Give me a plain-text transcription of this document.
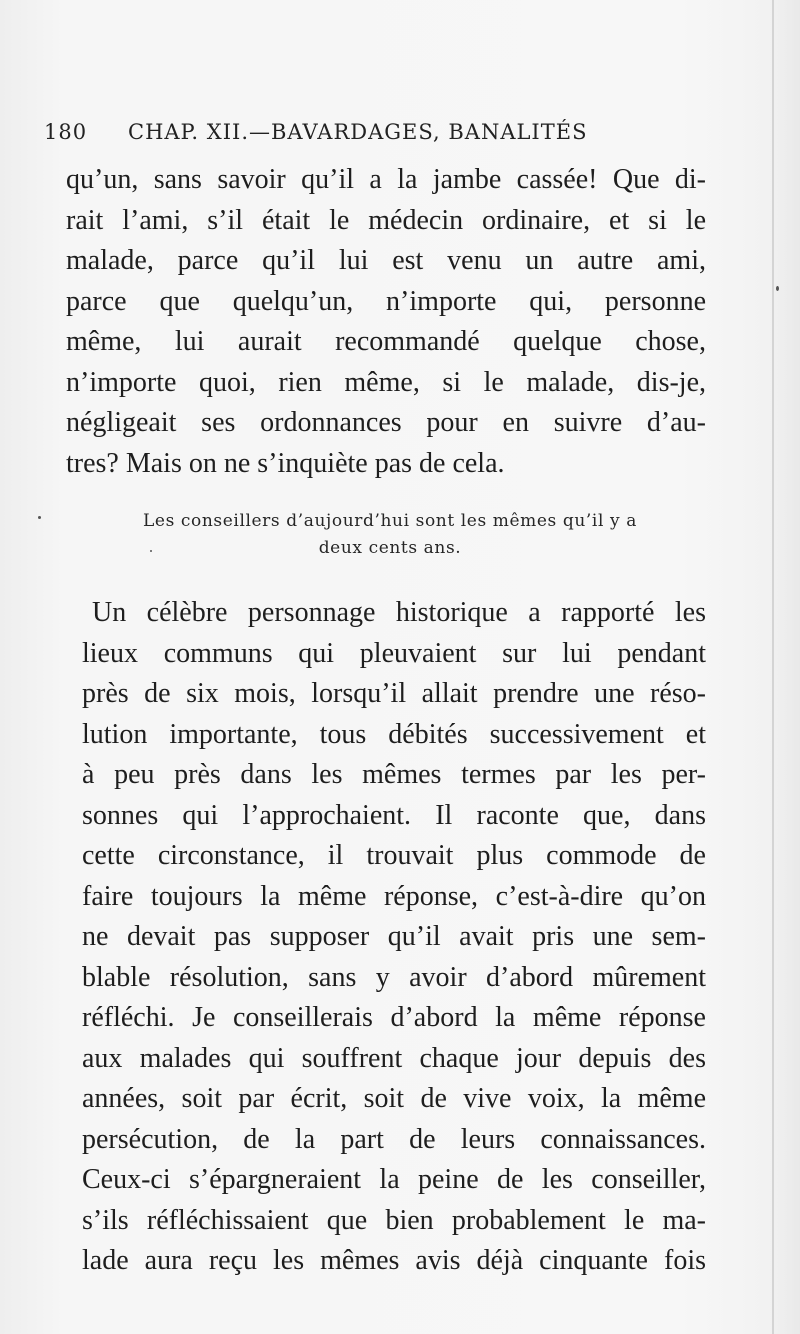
180 CHAP. XII.—BAVARDAGES, BANALITÉS

qu’un, sans savoir qu’il a la jambe cassée! Que di-
rait l’ami, s’il était le médecin ordinaire, et si le
malade, parce qu’il lui est venu un autre ami,
parce que quelqu’un, n’importe qui, personne
même, lui aurait recommandé quelque chose,
n’importe quoi, rien même, si le malade, dis-je,
négligeait ses ordonnances pour en suivre d’au-
tres? Mais on ne s’inquiète pas de cela.

Les conseillers d’aujourd’hui sont les mêmes qu’il y a
deux cents ans.

Un célèbre personnage historique a rapporté les
lieux communs qui pleuvaient sur lui pendant
près de six mois, lorsqu’il allait prendre une réso-
lution importante, tous débités successivement et
à peu près dans les mêmes termes par les per-
sonnes qui l’approchaient. Il raconte que, dans
cette circonstance, il trouvait plus commode de
faire toujours la même réponse, c’est-à-dire qu’on
ne devait pas supposer qu’il avait pris une sem-
blable résolution, sans y avoir d’abord mûrement
réfléchi. Je conseillerais d’abord la même réponse
aux malades qui souffrent chaque jour depuis des
années, soit par écrit, soit de vive voix, la même
persécution, de la part de leurs connaissances.
Ceux-ci s’épargneraient la peine de les conseiller,
s’ils réfléchissaient que bien probablement le ma-
lade aura reçu les mêmes avis déjà cinquante fois
